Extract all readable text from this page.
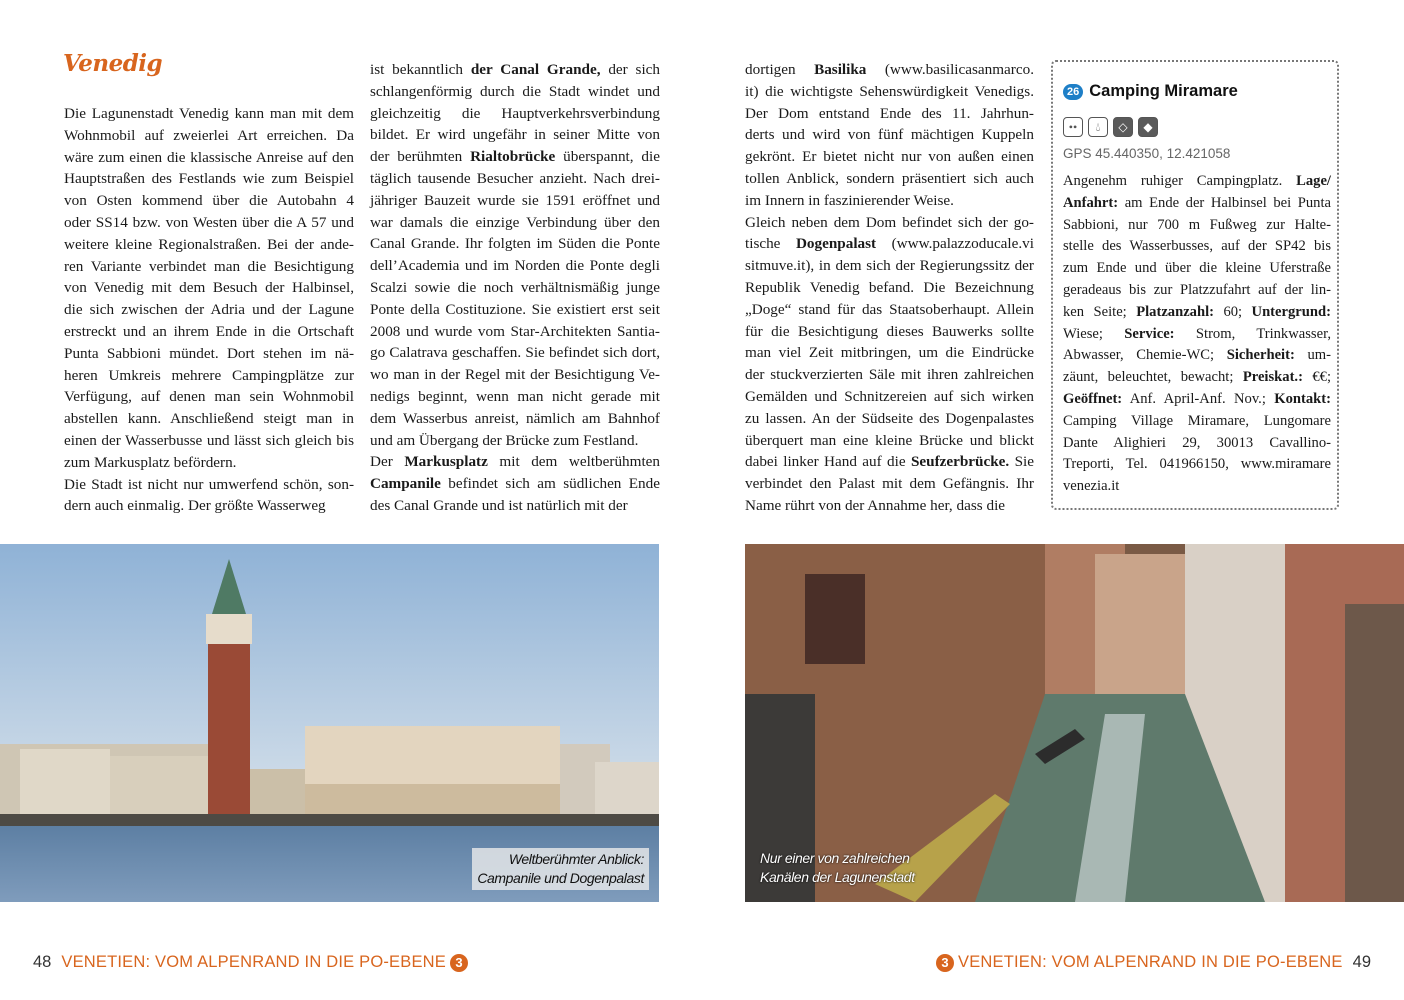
Venedig
Die Lagunenstadt Venedig kann man mit dem
Wohnmobil auf zweierlei Art erreichen. Da
wäre zum einen die klassische Anreise auf den
Hauptstraßen des Festlands wie zum Beispiel
von Osten kommend über die Autobahn 4
oder SS14 bzw. von Westen über die A 57 und
weitere kleine Regionalstraßen. Bei der ande-
ren Variante verbindet man die Besichtigung
von Venedig mit dem Besuch der Halbinsel,
die sich zwischen der Adria und der Lagune
erstreckt und an ihrem Ende in die Ortschaft
Punta Sabbioni mündet. Dort stehen im nä-
heren Umkreis mehrere Campingplätze zur
Verfügung, auf denen man sein Wohnmobil
abstellen kann. Anschließend steigt man in
einen der Wasserbusse und lässt sich gleich bis
zum Markusplatz befördern.
Die Stadt ist nicht nur umwerfend schön, son-
dern auch einmalig. Der größte Wasserweg
ist bekanntlich der Canal Grande, der sich
schlangenförmig durch die Stadt windet und
gleichzeitig die Hauptverkehrsverbindung
bildet. Er wird ungefähr in seiner Mitte von
der berühmten Rialtobrücke überspannt, die
täglich tausende Besucher anzieht. Nach drei-
jähriger Bauzeit wurde sie 1591 eröffnet und
war damals die einzige Verbindung über den
Canal Grande. Ihr folgten im Süden die Ponte
dell’Academia und im Norden die Ponte degli
Scalzi sowie die noch verhältnismäßig junge
Ponte della Costituzione. Sie existiert erst seit
2008 und wurde vom Star-Architekten Santia-
go Calatrava geschaffen. Sie befindet sich dort,
wo man in der Regel mit der Besichtigung Ve-
nedigs beginnt, wenn man nicht gerade mit
dem Wasserbus anreist, nämlich am Bahnhof
und am Übergang der Brücke zum Festland.
Der Markusplatz mit dem weltberühmten
Campanile befindet sich am südlichen Ende
des Canal Grande und ist natürlich mit der
dortigen Basilika (www.basilicasanmarco.
it) die wichtigste Sehenswürdigkeit Venedigs.
Der Dom entstand Ende des 11. Jahrhun-
derts und wird von fünf mächtigen Kuppeln
gekrönt. Er bietet nicht nur von außen einen
tollen Anblick, sondern präsentiert sich auch
im Innern in faszinierender Weise.
Gleich neben dem Dom befindet sich der go-
tische Dogenpalast (www.palazzoducale.vi
sitmuve.it), in dem sich der Regierungssitz der
Republik Venedig befand. Die Bezeichnung
„Doge“ stand für das Staatsoberhaupt. Allein
für die Besichtigung dieses Bauwerks sollte
man viel Zeit mitbringen, um die Eindrücke
der stuckverzierten Säle mit ihren zahlreichen
Gemälden und Schnitzereien auf sich wirken
zu lassen. An der Südseite des Dogenpalastes
überquert man eine kleine Brücke und blickt
dabei linker Hand auf die Seufzerbrücke. Sie
verbindet den Palast mit dem Gefängnis. Ihr
Name rührt von der Annahme her, dass die
26 Camping Miramare
••	💧︎	◇	◆
GPS 45.440350, 12.421058
Angenehm ruhiger Campingplatz. Lage/
Anfahrt: am Ende der Halbinsel bei Punta
Sabbioni, nur 700 m Fußweg zur Halte-
stelle des Wasserbusses, auf der SP42 bis
zum Ende und über die kleine Uferstraße
geradeaus bis zur Platzzufahrt auf der lin-
ken Seite; Platzanzahl: 60; Untergrund:
Wiese; Service: Strom, Trinkwasser,
Abwasser, Chemie-WC; Sicherheit: um-
zäunt, beleuchtet, bewacht; Preiskat.: €€;
Geöffnet: Anf. April-Anf. Nov.; Kontakt:
Camping Village Miramare, Lungomare
Dante Alighieri 29, 30013 Cavallino-
Treporti, Tel. 041966150, www.miramare
venezia.it
Weltberühmter Anblick:
Campanile und Dogenpalast
Nur einer von zahlreichen
Kanälen der Lagunenstadt
48 VENETIEN: VOM ALPENRAND IN DIE PO-EBENE 3	3 VENETIEN: VOM ALPENRAND IN DIE PO-EBENE 49
